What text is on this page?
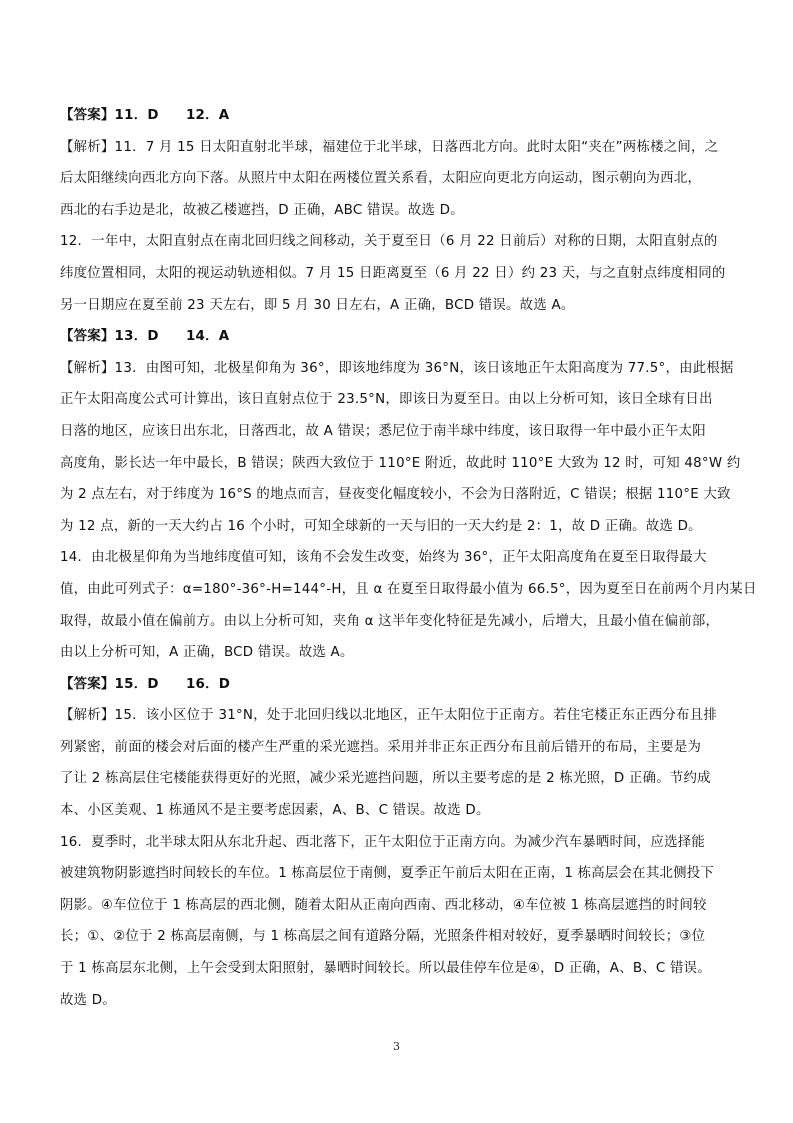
【答案】11．D　　12．A
【解析】11．7 月 15 日太阳直射北半球，福建位于北半球，日落西北方向。此时太阳“夹在”两栋楼之间，之
后太阳继续向西北方向下落。从照片中太阳在两楼位置关系看，太阳应向更北方向运动，图示朝向为西北，
西北的右手边是北，故被乙楼遮挡，D 正确，ABC 错误。故选 D。
12．一年中，太阳直射点在南北回归线之间移动，关于夏至日（6 月 22 日前后）对称的日期，太阳直射点的
纬度位置相同，太阳的视运动轨迹相似。7 月 15 日距离夏至（6 月 22 日）约 23 天，与之直射点纬度相同的
另一日期应在夏至前 23 天左右，即 5 月 30 日左右，A 正确，BCD 错误。故选 A。
【答案】13．D　　14．A
【解析】13．由图可知，北极星仰角为 36°，即该地纬度为 36°N，该日该地正午太阳高度为 77.5°，由此根据
正午太阳高度公式可计算出，该日直射点位于 23.5°N，即该日为夏至日。由以上分析可知，该日全球有日出
日落的地区，应该日出东北，日落西北，故 A 错误；悉尼位于南半球中纬度，该日取得一年中最小正午太阳
高度角，影长达一年中最长，B 错误；陕西大致位于 110°E 附近，故此时 110°E 大致为 12 时，可知 48°W 约
为 2 点左右，对于纬度为 16°S 的地点而言，昼夜变化幅度较小，不会为日落附近，C 错误；根据 110°E 大致
为 12 点，新的一天大约占 16 个小时，可知全球新的一天与旧的一天大约是 2：1，故 D 正确。故选 D。
14．由北极星仰角为当地纬度值可知，该角不会发生改变，始终为 36°，正午太阳高度角在夏至日取得最大
值，由此可列式子：α=180°-36°-H=144°-H，且 α 在夏至日取得最小值为 66.5°，因为夏至日在前两个月内某日
取得，故最小值在偏前方。由以上分析可知，夹角 α 这半年变化特征是先减小，后增大，且最小值在偏前部，
由以上分析可知，A 正确，BCD 错误。故选 A。
【答案】15．D　　16．D
【解析】15．该小区位于 31°N，处于北回归线以北地区，正午太阳位于正南方。若住宅楼正东正西分布且排
列紧密，前面的楼会对后面的楼产生严重的采光遮挡。采用并非正东正西分布且前后错开的布局，主要是为
了让 2 栋高层住宅楼能获得更好的光照，减少采光遮挡问题，所以主要考虑的是 2 栋光照，D 正确。节约成
本、小区美观、1 栋通风不是主要考虑因素，A、B、C 错误。故选 D。
16．夏季时，北半球太阳从东北升起、西北落下，正午太阳位于正南方向。为减少汽车暴晒时间，应选择能
被建筑物阴影遮挡时间较长的车位。1 栋高层位于南侧，夏季正午前后太阳在正南，1 栋高层会在其北侧投下
阴影。④车位位于 1 栋高层的西北侧，随着太阳从正南向西南、西北移动，④车位被 1 栋高层遮挡的时间较
长；①、②位于 2 栋高层南侧，与 1 栋高层之间有道路分隔，光照条件相对较好，夏季暴晒时间较长；③位
于 1 栋高层东北侧，上午会受到太阳照射，暴晒时间较长。所以最佳停车位是④，D 正确，A、B、C 错误。
故选 D。
3
